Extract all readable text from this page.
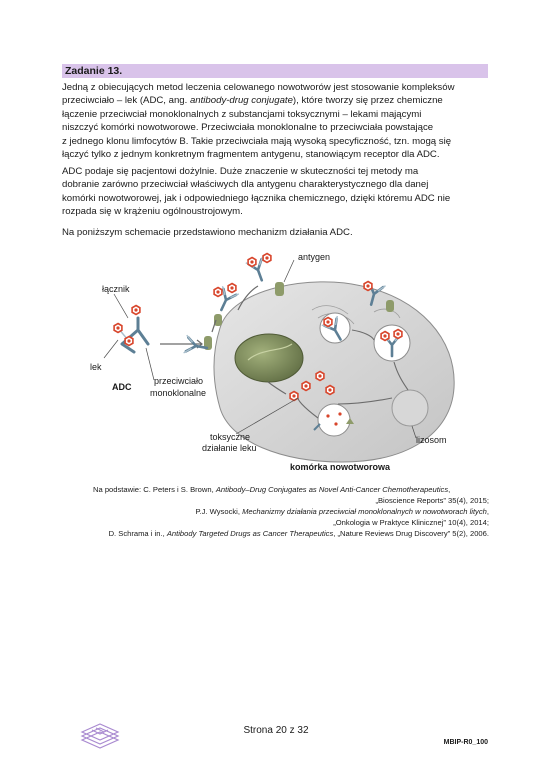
Zadanie 13.

Jedną z obiecujących metod leczenia celowanego nowotworów jest stosowanie kompleksów
przeciwciało – lek (ADC, ang. antibody-drug conjugate), które tworzy się przez chemiczne
łączenie przeciwciał monoklonalnych z substancjami toksycznymi – lekami mającymi
niszczyć komórki nowotworowe. Przeciwciała monoklonalne to przeciwciała powstające
z jednego klonu limfocytów B. Takie przeciwciała mają wysoką specyficzność, tzn. mogą się
łączyć tylko z jednym konkretnym fragmentem antygenu, stanowiącym receptor dla ADC.

ADC podaje się pacjentowi dożylnie. Duże znaczenie w skuteczności tej metody ma
dobranie zarówno przeciwciał właściwych dla antygenu charakterystycznego dla danej
komórki nowotworowej, jak i odpowiedniego łącznika chemicznego, dzięki któremu ADC nie
rozpada się w krążeniu ogólnoustrojowym.

Na poniższym schemacie przedstawiono mechanizm działania ADC.

antygen
łącznik
lek
ADC
przeciwciało
monoklonalne
toksyczne
działanie leku
lizosom
komórka nowotworowa
Na podstawie: C. Peters i S. Brown, Antibody–Drug Conjugates as Novel Anti-Cancer Chemotherapeutics,
„Bioscience Reports” 35(4), 2015;
P.J. Wysocki, Mechanizmy działania przeciwciał monoklonalnych w nowotworach litych,
„Onkologia w Praktyce Klinicznej” 10(4), 2014;
D. Schrama i in., Antibody Targeted Drugs as Cancer Therapeutics, „Nature Reviews Drug Discovery” 5(2), 2006.
Strona 20 z 32
MBIP-R0_100
